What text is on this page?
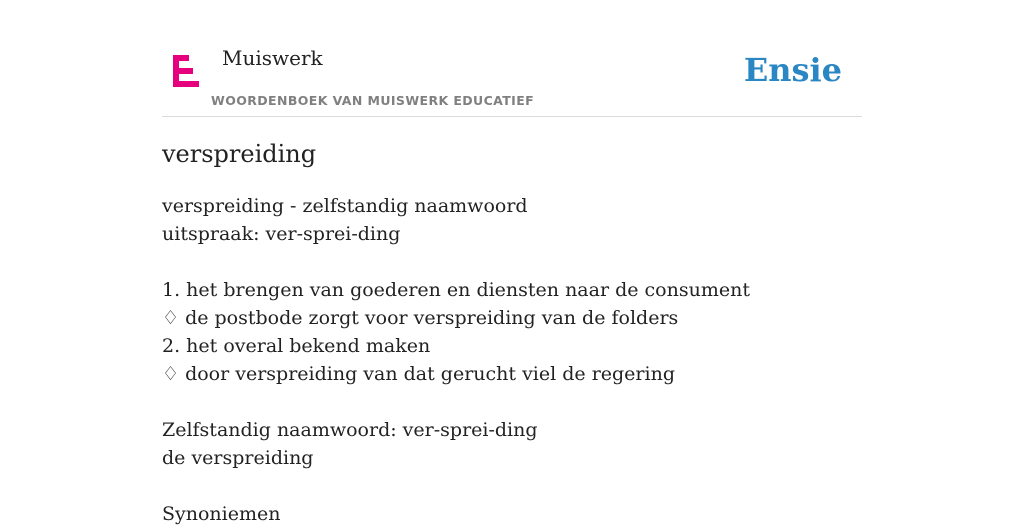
Muiswerk
WOORDENBOEK VAN MUISWERK EDUCATIEF
Ensie
verspreiding
verspreiding - zelfstandig naamwoord
uitspraak: ver-sprei-ding
1. het brengen van goederen en diensten naar de consument
♢ de postbode zorgt voor verspreiding van de folders
2. het overal bekend maken
♢ door verspreiding van dat gerucht viel de regering
Zelfstandig naamwoord: ver-sprei-ding
de verspreiding
Synoniemen
